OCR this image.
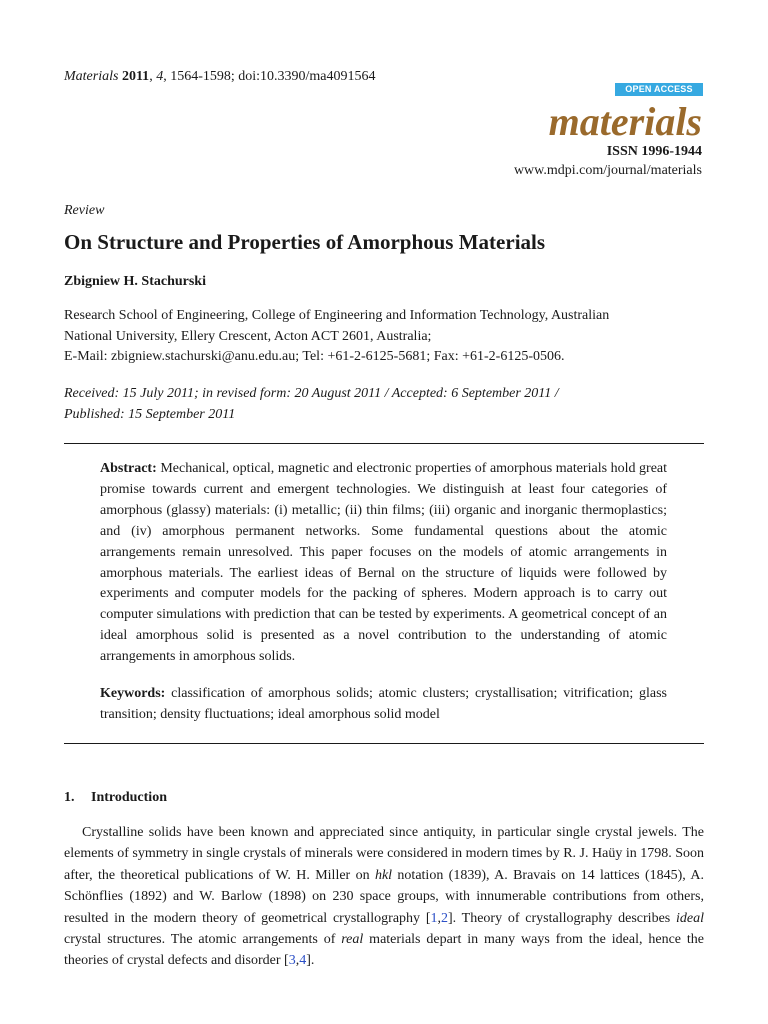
Materials 2011, 4, 1564-1598; doi:10.3390/ma4091564
OPEN ACCESS
materials
ISSN 1996-1944
www.mdpi.com/journal/materials
Review
On Structure and Properties of Amorphous Materials
Zbigniew H. Stachurski
Research School of Engineering, College of Engineering and Information Technology, Australian
National University, Ellery Crescent, Acton ACT 2601, Australia;
E-Mail: zbigniew.stachurski@anu.edu.au; Tel: +61-2-6125-5681; Fax: +61-2-6125-0506.
Received: 15 July 2011; in revised form: 20 August 2011 / Accepted: 6 September 2011 /
Published: 15 September 2011
Abstract: Mechanical, optical, magnetic and electronic properties of amorphous materials hold great promise towards current and emergent technologies. We distinguish at least four categories of amorphous (glassy) materials: (i) metallic; (ii) thin films; (iii) organic and inorganic thermoplastics; and (iv) amorphous permanent networks. Some fundamental questions about the atomic arrangements remain unresolved. This paper focuses on the models of atomic arrangements in amorphous materials. The earliest ideas of Bernal on the structure of liquids were followed by experiments and computer models for the packing of spheres. Modern approach is to carry out computer simulations with prediction that can be tested by experiments. A geometrical concept of an ideal amorphous solid is presented as a novel contribution to the understanding of atomic arrangements in amorphous solids.
Keywords: classification of amorphous solids; atomic clusters; crystallisation; vitrification; glass transition; density fluctuations; ideal amorphous solid model
1. Introduction
Crystalline solids have been known and appreciated since antiquity, in particular single crystal jewels. The elements of symmetry in single crystals of minerals were considered in modern times by R. J. Haüy in 1798. Soon after, the theoretical publications of W. H. Miller on hkl notation (1839), A. Bravais on 14 lattices (1845), A. Schönflies (1892) and W. Barlow (1898) on 230 space groups, with innumerable contributions from others, resulted in the modern theory of geometrical crystallography [1,2]. Theory of crystallography describes ideal crystal structures. The atomic arrangements of real materials depart in many ways from the ideal, hence the theories of crystal defects and disorder [3,4].
